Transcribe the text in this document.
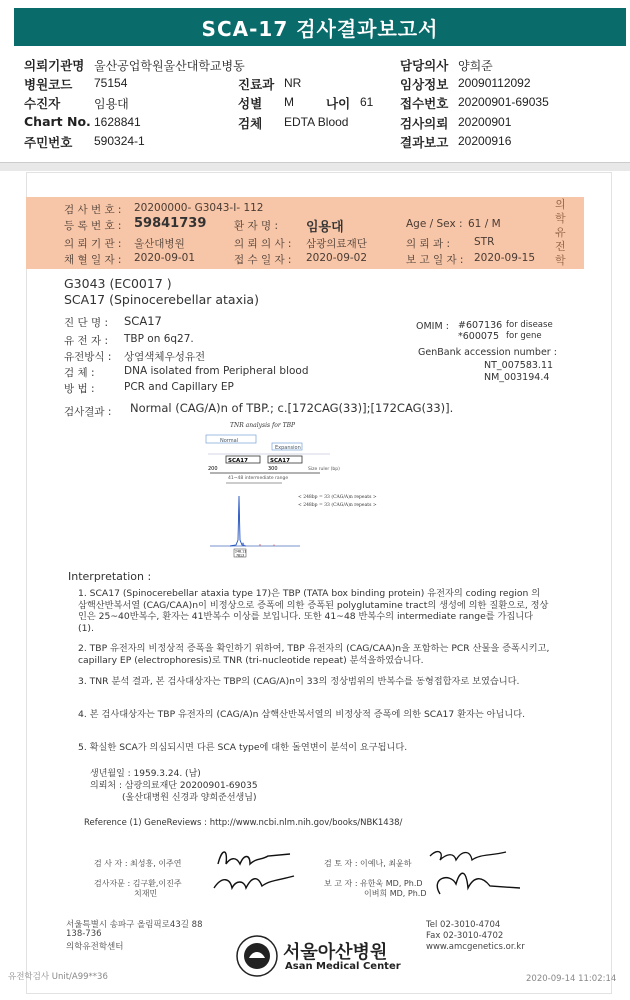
SCA-17 검사결과보고서
의뢰기관명 울산공업학원울산대학교병동	담당의사 양희준
병원코드 75154	진료과 NR	임상정보 20090112092
수진자	임용대	성별 M	나이 61 접수번호 20200901-69035
Chart No. 1628841	검체 EDTA Blood	검사의뢰 20200901
주민번호 590324-1	결과보고 20200916
의학유전학
검 사 번 호 : 20200000- G3043-I- 112
등 록 번 호 : 59841739	환 자 명 : 임용대	Age / Sex : 61 / M
의 뢰 기 관 : 울산대병원	의 뢰 의 사 : 삼광의료재단	의 뢰 과 : STR
채 혈 일 자 : 2020-09-01	접 수 일 자 : 2020-09-02	보 고 일 자 : 2020-09-15
G3043 (EC0017 )
SCA17 (Spinocerebellar ataxia)
진 단 명 : SCA17
유 전 자 : TBP on 6q27.
유전방식 : 상염색체우성유전
검 체 :	DNA isolated from Peripheral blood
방 법 :	PCR and Capillary EP
OMIM : #607136 for disease
*600075 for gene
GenBank accession number :
NT_007583.11
NM_003194.4
검사결과 : Normal (CAG/A)n of TBP.; c.[172CAG(33)];[172CAG(33)].
TNR analysis for TBP
Normal
Expansion
SCA17	SCA17
200	300	Size ruler (bp)
41~48 intermediate range
< 248bp = 33 (CAG/A)n repeats >
< 248bp = 33 (CAG/A)n repeats >
248.11
7813
Interpretation :
1. SCA17 (Spinocerebellar ataxia type 17)은 TBP (TATA box binding protein) 유전자의 coding region 의 삼핵산반복서열 (CAG/CAA)n이 비정상으로 증폭에 의한 증폭된 polyglutamine tract의 생성에 의한 질환으로, 정상인은 25~40반복수, 환자는 41반복수 이상를 보입니다. 또한 41~48 반복수의 intermediate range를 가집니다 (1).
2. TBP 유전자의 비정상적 증폭을 확인하기 위하여, TBP 유전자의 (CAG/CAA)n을 포함하는 PCR 산물을 증폭시키고, capillary EP (electrophoresis)로 TNR (tri-nucleotide repeat) 분석을하였습니다.
3. TNR 분석 결과, 본 검사대상자는 TBP의 (CAG/A)n이 33의 정상범위의 반복수를 동형접합자로 보였습니다.
4. 본 검사대상자는 TBP 유전자의 (CAG/A)n 삼핵산반복서열의 비정상적 증폭에 의한 SCA17 환자는 아닙니다.
5. 확실한 SCA가 의심되시면 다른 SCA type에 대한 돌연변이 분석이 요구됩니다.
생년월일 : 1959.3.24. (남)
의뢰처 : 삼광의료재단 20200901-69035
(울산대병원 신경과 양희준선생님)
Reference (1) GeneReviews : http://www.ncbi.nlm.nih.gov/books/NBK1438/
검 사 자 : 최성흥, 이주연	검 토 자 : 이예나, 최윤하
검사자문 : 김구환,이진주
치재민
보 고 자 : 유한욱 MD, Ph.D
이벼희 MD, Ph.D
서울특별시 송파구 올림픽로43길 88
138-736
의학유전학센터
Tel 02-3010-4704
Fax 02-3010-4702
www.amcgenetics.or.kr
서울아산병원
Asan Medical Center
유전학검사 Unit/A99**36	2020-09-14 11:02:14
